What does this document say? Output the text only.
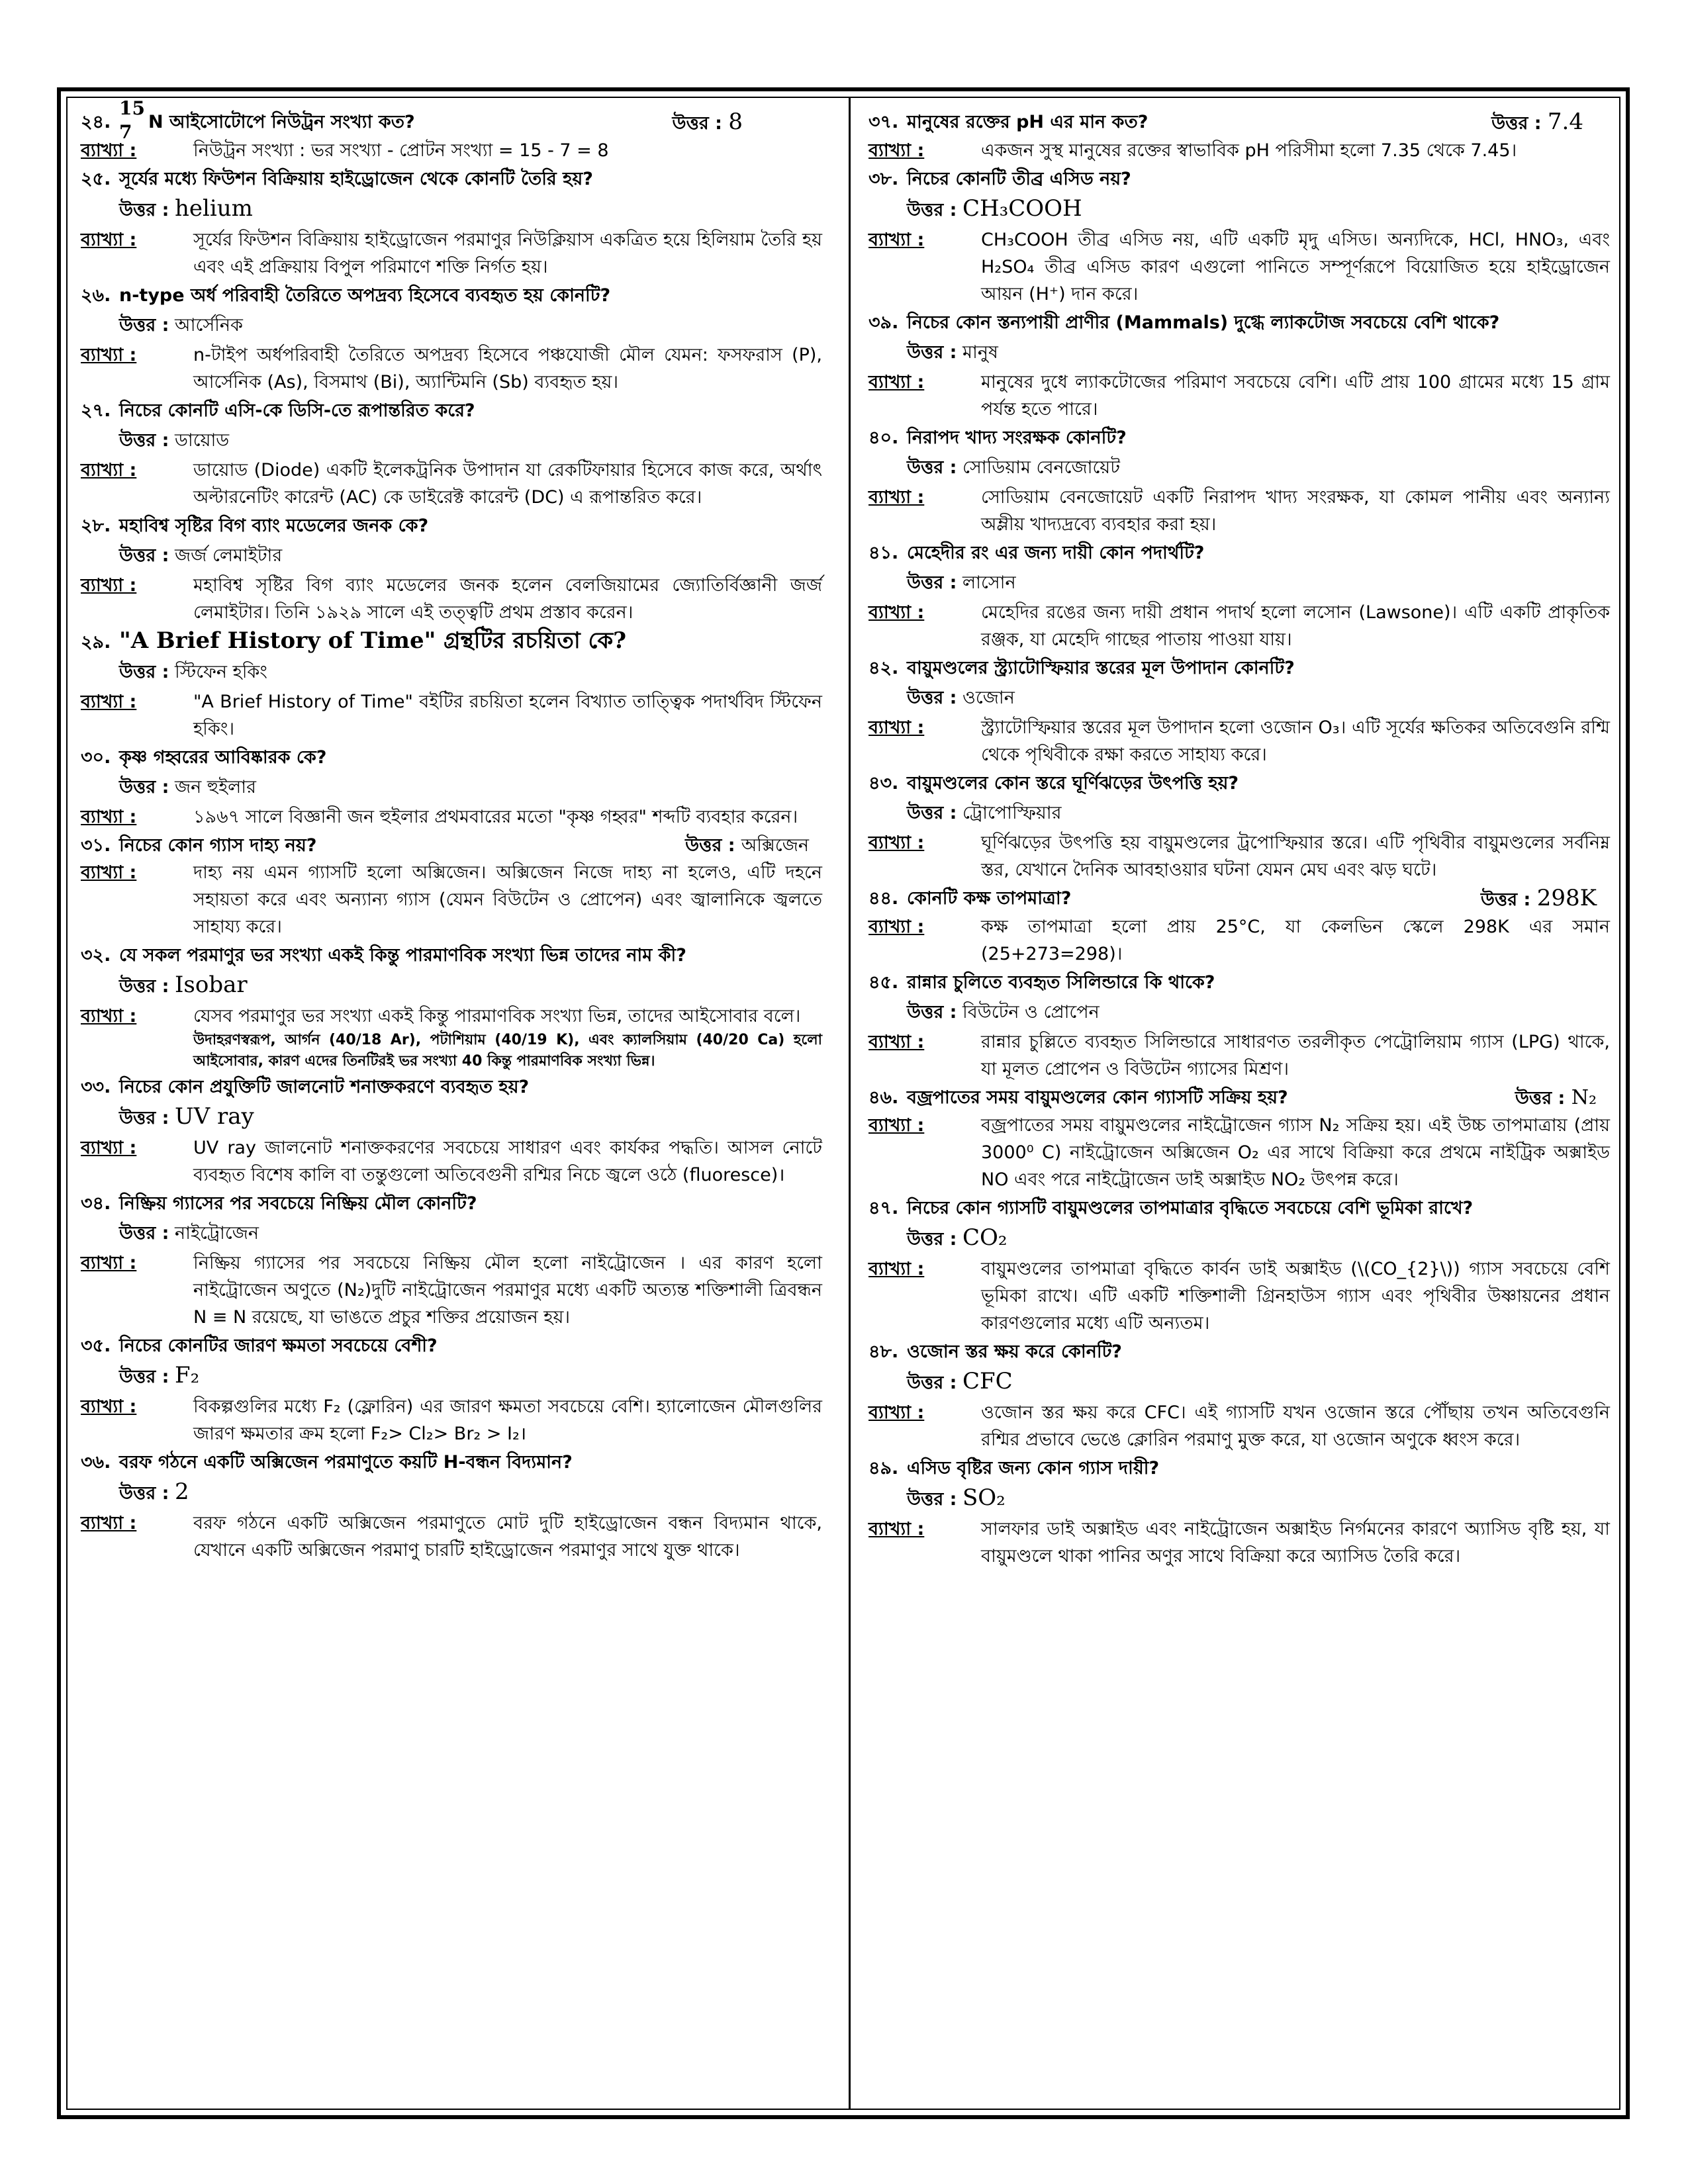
২৪.
15
7 N আইসোটোপে নিউট্রন সংখ্যা কত?	উত্তর : 8
ব্যাখ্যা :	নিউট্রন সংখ্যা : ভর সংখ্যা - প্রোটন সংখ্যা = 15 - 7 = 8
২৫. সূর্যের মধ্যে ফিউশন বিক্রিয়ায় হাইড্রোজেন থেকে কোনটি তৈরি হয়?
উত্তর : helium
ব্যাখ্যা :	সূর্যের ফিউশন বিক্রিয়ায় হাইড্রোজেন পরমাণুর নিউক্লিয়াস একত্রিত হয়ে হিলিয়াম তৈরি হয় এবং এই প্রক্রিয়ায় বিপুল পরিমাণে শক্তি নির্গত হয়।
২৬. n-type অর্ধ পরিবাহী তৈরিতে অপদ্রব্য হিসেবে ব্যবহৃত হয় কোনটি?
উত্তর : আর্সেনিক
ব্যাখ্যা :	n-টাইপ অর্ধপরিবাহী তৈরিতে অপদ্রব্য হিসেবে পঞ্চযোজী মৌল যেমন: ফসফরাস (P), আর্সেনিক (As), বিসমাথ (Bi), অ্যান্টিমনি (Sb) ব্যবহৃত হয়।
২৭. নিচের কোনটি এসি-কে ডিসি-তে রূপান্তরিত করে?
উত্তর : ডায়োড
ব্যাখ্যা :	ডায়োড (Diode) একটি ইলেকট্রনিক উপাদান যা রেকটিফায়ার হিসেবে কাজ করে, অর্থাৎ অল্টারনেটিং কারেন্ট (AC) কে ডাইরেক্ট কারেন্ট (DC) এ রূপান্তরিত করে।
২৮. মহাবিশ্ব সৃষ্টির বিগ ব্যাং মডেলের জনক কে?
উত্তর : জর্জ লেমাইটার
ব্যাখ্যা :	মহাবিশ্ব সৃষ্টির বিগ ব্যাং মডেলের জনক হলেন বেলজিয়ামের জ্যোতির্বিজ্ঞানী জর্জ লেমাইটার। তিনি ১৯২৯ সালে এই তত্ত্বটি প্রথম প্রস্তাব করেন।
২৯. "A Brief History of Time" গ্রন্থটির রচয়িতা কে?
উত্তর : স্টিফেন হকিং
ব্যাখ্যা :	"A Brief History of Time" বইটির রচয়িতা হলেন বিখ্যাত তাত্ত্বিক পদার্থবিদ স্টিফেন হকিং।
৩০. কৃষ্ণ গহ্বরের আবিষ্কারক কে?
উত্তর : জন হুইলার
ব্যাখ্যা :	১৯৬৭ সালে বিজ্ঞানী জন হুইলার প্রথমবারের মতো "কৃষ্ণ গহ্বর" শব্দটি ব্যবহার করেন।
৩১. নিচের কোন গ্যাস দাহ্য নয়?	উত্তর : অক্সিজেন
ব্যাখ্যা :	দাহ্য নয় এমন গ্যাসটি হলো অক্সিজেন। অক্সিজেন নিজে দাহ্য না হলেও, এটি দহনে সহায়তা করে এবং অন্যান্য গ্যাস (যেমন বিউটেন ও প্রোপেন) এবং জ্বালানিকে জ্বলতে সাহায্য করে।
৩২. যে সকল পরমাণুর ভর সংখ্যা একই কিন্তু পারমাণবিক সংখ্যা ভিন্ন তাদের নাম কী?
উত্তর : Isobar
ব্যাখ্যা :	যেসব পরমাণুর ভর সংখ্যা একই কিন্তু পারমাণবিক সংখ্যা ভিন্ন, তাদের আইসোবার বলে।
উদাহরণস্বরূপ, আর্গন (40/18 Ar), পটাশিয়াম (40/19 K), এবং ক্যালসিয়াম (40/20 Ca) হলো আইসোবার, কারণ এদের তিনটিরই ভর সংখ্যা 40 কিন্তু পারমাণবিক সংখ্যা ভিন্ন।
৩৩. নিচের কোন প্রযুক্তিটি জালনোট শনাক্তকরণে ব্যবহৃত হয়?
উত্তর : UV ray
ব্যাখ্যা :	UV ray জালনোট শনাক্তকরণের সবচেয়ে সাধারণ এবং কার্যকর পদ্ধতি। আসল নোটে ব্যবহৃত বিশেষ কালি বা তন্তুগুলো অতিবেগুনী রশ্মির নিচে জ্বলে ওঠে (fluoresce)।
৩৪. নিষ্ক্রিয় গ্যাসের পর সবচেয়ে নিষ্ক্রিয় মৌল কোনটি?
উত্তর : নাইট্রোজেন
ব্যাখ্যা :	নিষ্ক্রিয় গ্যাসের পর সবচেয়ে নিষ্ক্রিয় মৌল হলো নাইট্রোজেন । এর কারণ হলো নাইট্রোজেন অণুতে (N₂)দুটি নাইট্রোজেন পরমাণুর মধ্যে একটি অত্যন্ত শক্তিশালী ত্রিবন্ধন N ≡ N রয়েছে, যা ভাঙতে প্রচুর শক্তির প্রয়োজন হয়।
৩৫. নিচের কোনটির জারণ ক্ষমতা সবচেয়ে বেশী?
উত্তর : F₂
ব্যাখ্যা :	বিকল্পগুলির মধ্যে F₂ (ফ্লোরিন) এর জারণ ক্ষমতা সবচেয়ে বেশি। হ্যালোজেন মৌলগুলির জারণ ক্ষমতার ক্রম হলো F₂> Cl₂> Br₂ > I₂।
৩৬. বরফ গঠনে একটি অক্সিজেন পরমাণুতে কয়টি H-বন্ধন বিদ্যমান?
উত্তর : 2
ব্যাখ্যা :	বরফ গঠনে একটি অক্সিজেন পরমাণুতে মোট দুটি হাইড্রোজেন বন্ধন বিদ্যমান থাকে, যেখানে একটি অক্সিজেন পরমাণু চারটি হাইড্রোজেন পরমাণুর সাথে যুক্ত থাকে।
৩৭. মানুষের রক্তের pH এর মান কত?	উত্তর : 7.4
ব্যাখ্যা :	একজন সুস্থ মানুষের রক্তের স্বাভাবিক pH পরিসীমা হলো 7.35 থেকে 7.45।
৩৮. নিচের কোনটি তীব্র এসিড নয়?
উত্তর : CH₃COOH
ব্যাখ্যা :	CH₃COOH তীব্র এসিড নয়, এটি একটি মৃদু এসিড। অন্যদিকে, HCl, HNO₃, এবং H₂SO₄ তীব্র এসিড কারণ এগুলো পানিতে সম্পূর্ণরূপে বিয়োজিত হয়ে হাইড্রোজেন আয়ন (H⁺) দান করে।
৩৯. নিচের কোন স্তন্যপায়ী প্রাণীর (Mammals) দুগ্ধে ল্যাকটোজ সবচেয়ে বেশি থাকে?
উত্তর : মানুষ
ব্যাখ্যা :	মানুষের দুধে ল্যাকটোজের পরিমাণ সবচেয়ে বেশি। এটি প্রায় 100 গ্রামের মধ্যে 15 গ্রাম পর্যন্ত হতে পারে।
৪০. নিরাপদ খাদ্য সংরক্ষক কোনটি?
উত্তর : সোডিয়াম বেনজোয়েট
ব্যাখ্যা :	সোডিয়াম বেনজোয়েট একটি নিরাপদ খাদ্য সংরক্ষক, যা কোমল পানীয় এবং অন্যান্য অম্লীয় খাদ্যদ্রব্যে ব্যবহার করা হয়।
৪১. মেহেদীর রং এর জন্য দায়ী কোন পদার্থটি?
উত্তর : লাসোন
ব্যাখ্যা :	মেহেদির রঙের জন্য দায়ী প্রধান পদার্থ হলো লসোন (Lawsone)। এটি একটি প্রাকৃতিক রঞ্জক, যা মেহেদি গাছের পাতায় পাওয়া যায়।
৪২. বায়ুমণ্ডলের স্ট্র্যাটোস্ফিয়ার স্তরের মূল উপাদান কোনটি?
উত্তর : ওজোন
ব্যাখ্যা :	স্ট্র্যাটোস্ফিয়ার স্তরের মূল উপাদান হলো ওজোন O₃। এটি সূর্যের ক্ষতিকর অতিবেগুনি রশ্মি থেকে পৃথিবীকে রক্ষা করতে সাহায্য করে।
৪৩. বায়ুমণ্ডলের কোন স্তরে ঘূর্ণিঝড়ের উৎপত্তি হয়?
উত্তর : ট্রোপোস্ফিয়ার
ব্যাখ্যা :	ঘূর্ণিঝড়ের উৎপত্তি হয় বায়ুমণ্ডলের ট্রপোস্ফিয়ার স্তরে। এটি পৃথিবীর বায়ুমণ্ডলের সর্বনিম্ন স্তর, যেখানে দৈনিক আবহাওয়ার ঘটনা যেমন মেঘ এবং ঝড় ঘটে।
৪৪. কোনটি কক্ষ তাপমাত্রা?	উত্তর : 298K
ব্যাখ্যা :	কক্ষ তাপমাত্রা হলো প্রায় 25°C, যা কেলভিন স্কেলে 298K এর সমান (25+273=298)।
৪৫. রান্নার চুলিতে ব্যবহৃত সিলিন্ডারে কি থাকে?
উত্তর : বিউটেন ও প্রোপেন
ব্যাখ্যা :	রান্নার চুল্লিতে ব্যবহৃত সিলিন্ডারে সাধারণত তরলীকৃত পেট্রোলিয়াম গ্যাস (LPG) থাকে, যা মূলত প্রোপেন ও বিউটেন গ্যাসের মিশ্রণ।
৪৬. বজ্রপাতের সময় বায়ুমণ্ডলের কোন গ্যাসটি সক্রিয় হয়?	উত্তর : N₂
ব্যাখ্যা :	বজ্রপাতের সময় বায়ুমণ্ডলের নাইট্রোজেন গ্যাস N₂ সক্রিয় হয়। এই উচ্চ তাপমাত্রায় (প্রায় 3000⁰ C) নাইট্রোজেন অক্সিজেন O₂ এর সাথে বিক্রিয়া করে প্রথমে নাইট্রিক অক্সাইড NO এবং পরে নাইট্রোজেন ডাই অক্সাইড NO₂ উৎপন্ন করে।
৪৭. নিচের কোন গ্যাসটি বায়ুমণ্ডলের তাপমাত্রার বৃদ্ধিতে সবচেয়ে বেশি ভূমিকা রাখে?
উত্তর : CO₂
ব্যাখ্যা :	বায়ুমণ্ডলের তাপমাত্রা বৃদ্ধিতে কার্বন ডাই অক্সাইড (\(CO_{2}\)) গ্যাস সবচেয়ে বেশি ভূমিকা রাখে। এটি একটি শক্তিশালী গ্রিনহাউস গ্যাস এবং পৃথিবীর উষ্ণায়নের প্রধান কারণগুলোর মধ্যে এটি অন্যতম।
৪৮. ওজোন স্তর ক্ষয় করে কোনটি?
উত্তর : CFC
ব্যাখ্যা :	ওজোন স্তর ক্ষয় করে CFC। এই গ্যাসটি যখন ওজোন স্তরে পৌঁছায় তখন অতিবেগুনি রশ্মির প্রভাবে ভেঙে ক্লোরিন পরমাণু মুক্ত করে, যা ওজোন অণুকে ধ্বংস করে।
৪৯. এসিড বৃষ্টির জন্য কোন গ্যাস দায়ী?
উত্তর : SO₂
ব্যাখ্যা :	সালফার ডাই অক্সাইড এবং নাইট্রোজেন অক্সাইড নির্গমনের কারণে অ্যাসিড বৃষ্টি হয়, যা বায়ুমণ্ডলে থাকা পানির অণুর সাথে বিক্রিয়া করে অ্যাসিড তৈরি করে।
